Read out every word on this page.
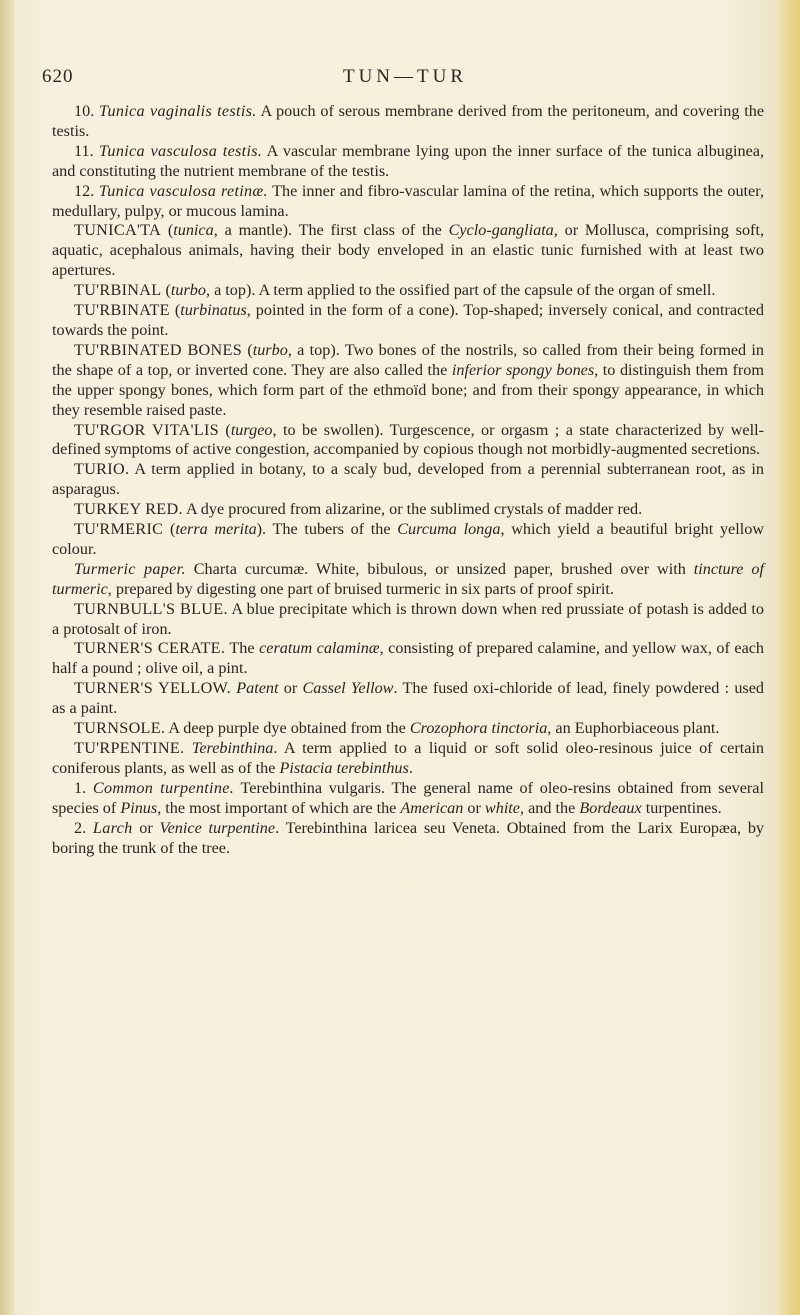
620	TUN—TUR

10. Tunica vaginalis testis. A pouch of serous membrane derived from the peritoneum, and covering the testis.

11. Tunica vasculosa testis. A vascular membrane lying upon the inner surface of the tunica albuginea, and constituting the nutrient membrane of the testis.

12. Tunica vasculosa retinæ. The inner and fibro-vascular lamina of the retina, which supports the outer, medullary, pulpy, or mucous lamina.

TUNICA'TA (tunica, a mantle). The first class of the Cyclo-gangliata, or Mollusca, comprising soft, aquatic, acephalous animals, having their body enveloped in an elastic tunic furnished with at least two apertures.

TU'RBINAL (turbo, a top). A term applied to the ossified part of the capsule of the organ of smell.

TU'RBINATE (turbinatus, pointed in the form of a cone). Top-shaped; inversely conical, and contracted towards the point.

TU'RBINATED BONES (turbo, a top). Two bones of the nostrils, so called from their being formed in the shape of a top, or inverted cone. They are also called the inferior spongy bones, to distinguish them from the upper spongy bones, which form part of the ethmoïd bone; and from their spongy appearance, in which they resemble raised paste.

TU'RGOR VITA'LIS (turgeo, to be swollen). Turgescence, or orgasm ; a state characterized by well-defined symptoms of active congestion, accompanied by copious though not morbidly-augmented secretions.

TURIO. A term applied in botany, to a scaly bud, developed from a perennial subterranean root, as in asparagus.

TURKEY RED. A dye procured from alizarine, or the sublimed crystals of madder red.

TU'RMERIC (terra merita). The tubers of the Curcuma longa, which yield a beautiful bright yellow colour.

Turmeric paper. Charta curcumæ. White, bibulous, or unsized paper, brushed over with tincture of turmeric, prepared by digesting one part of bruised turmeric in six parts of proof spirit.

TURNBULL'S BLUE. A blue precipitate which is thrown down when red prussiate of potash is added to a protosalt of iron.

TURNER'S CERATE. The ceratum calaminæ, consisting of prepared calamine, and yellow wax, of each half a pound ; olive oil, a pint.

TURNER'S YELLOW. Patent or Cassel Yellow. The fused oxi-chloride of lead, finely powdered : used as a paint.

TURNSOLE. A deep purple dye obtained from the Crozophora tinctoria, an Euphorbiaceous plant.

TU'RPENTINE. Terebinthina. A term applied to a liquid or soft solid oleo-resinous juice of certain coniferous plants, as well as of the Pistacia terebinthus.

1. Common turpentine. Terebinthina vulgaris. The general name of oleo-resins obtained from several species of Pinus, the most important of which are the American or white, and the Bordeaux turpentines.

2. Larch or Venice turpentine. Terebinthina laricea seu Veneta. Obtained from the Larix Europæa, by boring the trunk of the tree.
